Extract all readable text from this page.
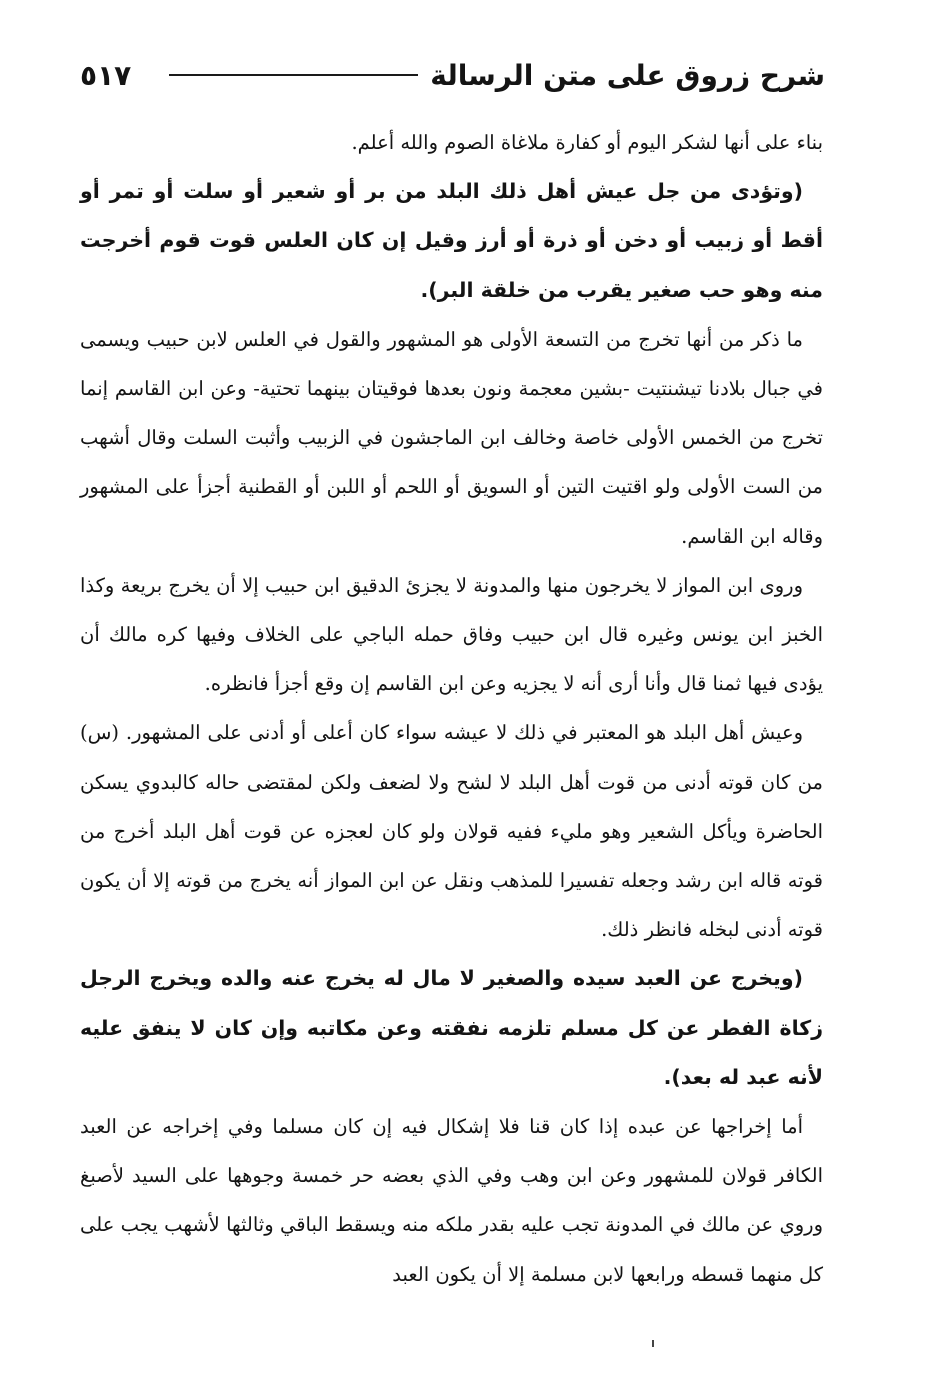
شرح زروق على متن الرسالة
٥١٧

بناء على أنها لشكر اليوم أو كفارة ملاغاة الصوم والله أعلم.

(وتؤدى من جل عيش أهل ذلك البلد من بر أو شعير أو سلت أو تمر أو أقط أو زبيب أو دخن أو ذرة أو أرز وقيل إن كان العلس قوت قوم أخرجت منه وهو حب صغير يقرب من خلقة البر).

ما ذكر من أنها تخرج من التسعة الأولى هو المشهور والقول في العلس لابن حبيب ويسمى في جبال بلادنا تيشنتيت -بشين معجمة ونون بعدها فوقيتان بينهما تحتية- وعن ابن القاسم إنما تخرج من الخمس الأولى خاصة وخالف ابن الماجشون في الزبيب وأثبت السلت وقال أشهب من الست الأولى ولو اقتيت التين أو السويق أو اللحم أو اللبن أو القطنية أجزأ على المشهور وقاله ابن القاسم.

وروى ابن المواز لا يخرجون منها والمدونة لا يجزئ الدقيق ابن حبيب إلا أن يخرج بريعة وكذا الخبز ابن يونس وغيره قال ابن حبيب وفاق حمله الباجي على الخلاف وفيها كره مالك أن يؤدى فيها ثمنا قال وأنا أرى أنه لا يجزيه وعن ابن القاسم إن وقع أجزأ فانظره.

وعيش أهل البلد هو المعتبر في ذلك لا عيشه سواء كان أعلى أو أدنى على المشهور. (س) من كان قوته أدنى من قوت أهل البلد لا لشح ولا لضعف ولكن لمقتضى حاله كالبدوي يسكن الحاضرة ويأكل الشعير وهو مليء ففيه قولان ولو كان لعجزه عن قوت أهل البلد أخرج من قوته قاله ابن رشد وجعله تفسيرا للمذهب ونقل عن ابن المواز أنه يخرج من قوته إلا أن يكون قوته أدنى لبخله فانظر ذلك.

(ويخرج عن العبد سيده والصغير لا مال له يخرج عنه والده ويخرج الرجل زكاة الفطر عن كل مسلم تلزمه نفقته وعن مكاتبه وإن كان لا ينفق عليه لأنه عبد له بعد).

أما إخراجها عن عبده إذا كان قنا فلا إشكال فيه إن كان مسلما وفي إخراجه عن العبد الكافر قولان للمشهور وعن ابن وهب وفي الذي بعضه حر خمسة وجوهها على السيد لأصبغ وروي عن مالك في المدونة تجب عليه بقدر ملكه منه ويسقط الباقي وثالثها لأشهب يجب على كل منهما قسطه ورابعها لابن مسلمة إلا أن يكون العبد
